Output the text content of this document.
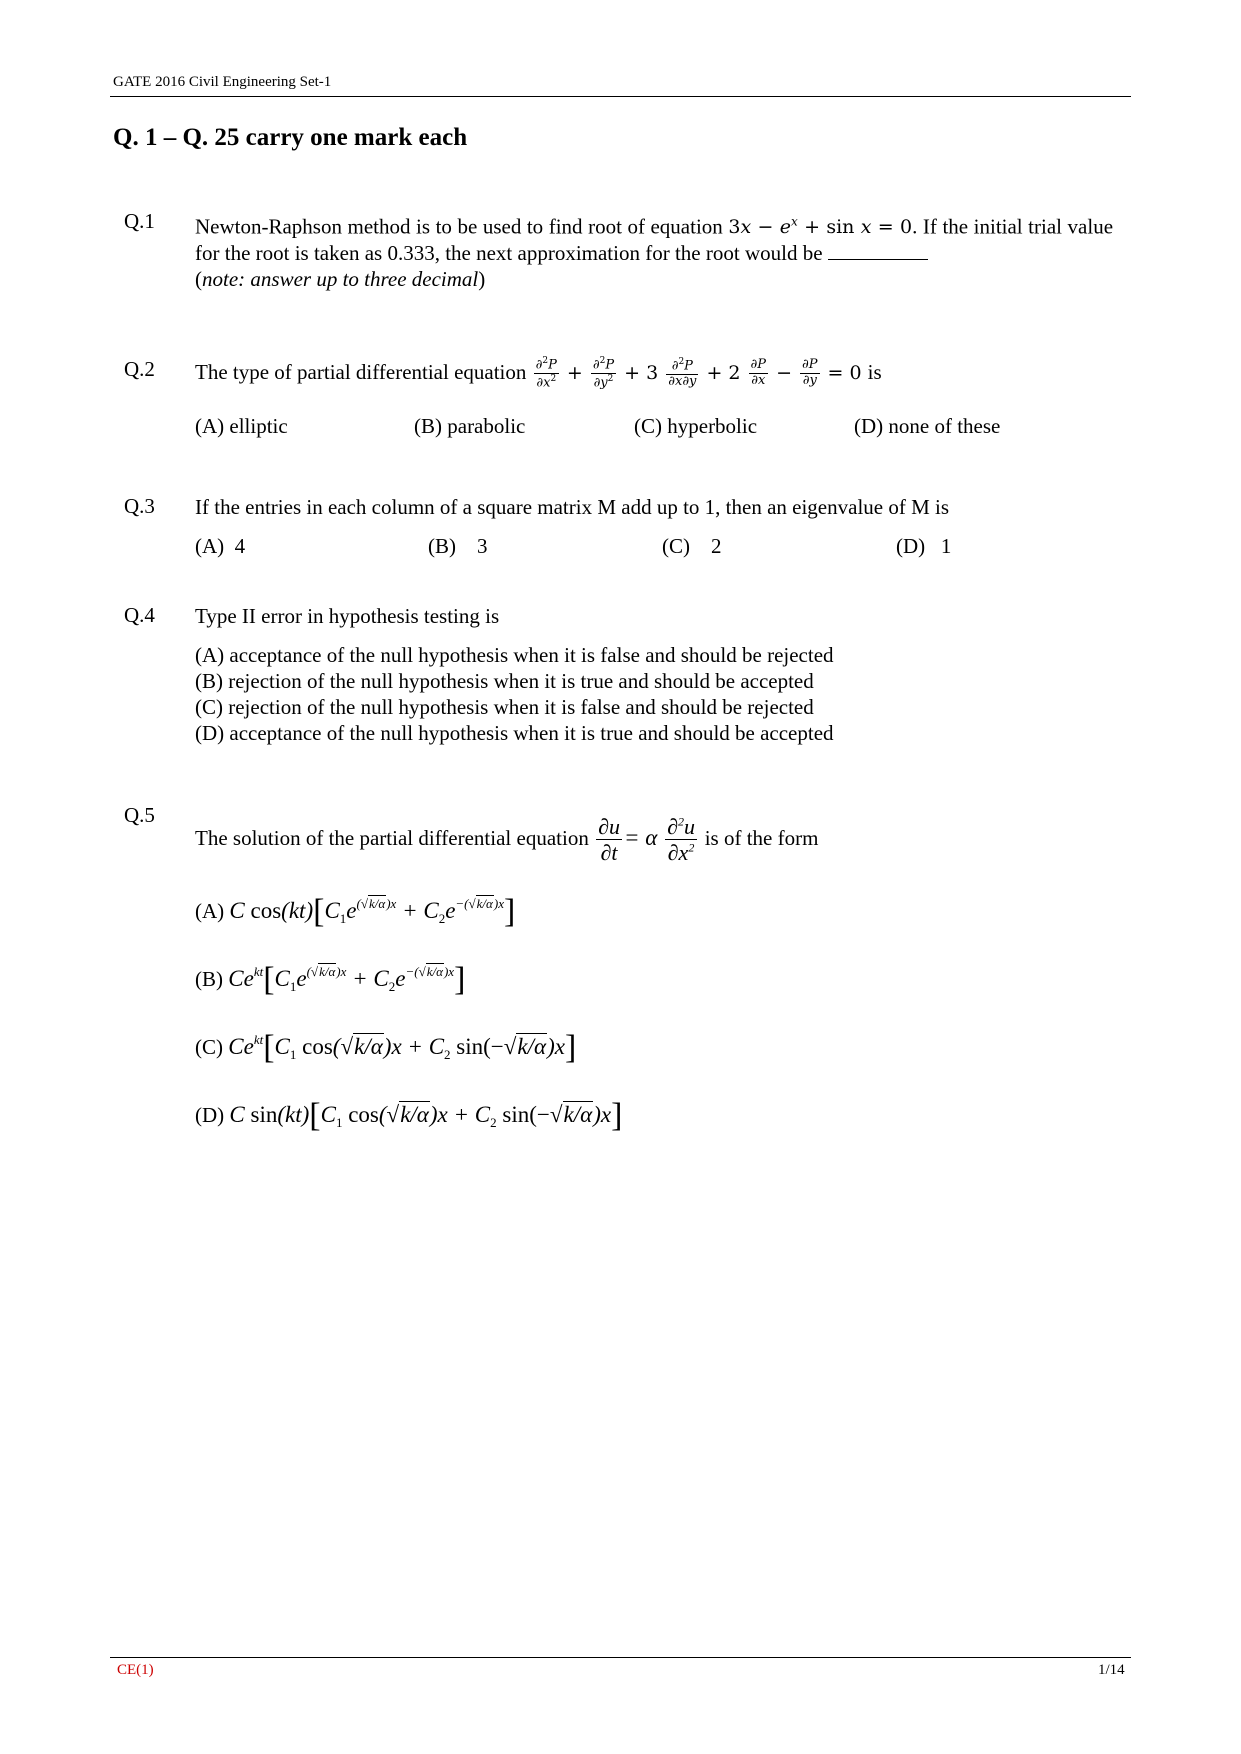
GATE 2016 Civil Engineering Set-1
Q. 1 – Q. 25 carry one mark each
Q.1 Newton-Raphson method is to be used to find root of equation $3x - e^x + \sin x = 0$. If the initial trial value for the root is taken as 0.333, the next approximation for the root would be
(note: answer up to three decimal)
Q.2 The type of partial differential equation $\frac{\partial^2P}{\partial x^2} + \frac{\partial^2P}{\partial y^2} + 3 \frac{\partial^2P}{\partial x\partial y} + 2 \frac{\partial P}{\partial x} - \frac{\partial P}{\partial y} = 0$ is
(A) elliptic	(B) parabolic	(C) hyperbolic	(D) none of these
Q.3 If the entries in each column of a square matrix M add up to 1, then an eigenvalue of M is
(A)  4	(B)    3	(C)    2	(D)   1
Q.4 Type II error in hypothesis testing is
(A) acceptance of the null hypothesis when it is false and should be rejected
(B) rejection of the null hypothesis when it is true and should be accepted
(C) rejection of the null hypothesis when it is false and should be rejected
(D) acceptance of the null hypothesis when it is true and should be accepted
Q.5
The solution of the partial differential equation $\frac{\partial u}{\partial t} = \alpha \frac{\partial^2u}{\partial x^2}$ is of the form
(A) C $\cos(kt)[C_1e^{(√k/\alpha)x} + C_2e^{-(√k/\alpha)x}]$
(B) $Ce^{kt}[C_1e^{(√k/\alpha)x} + C_2e^{-(√k/\alpha)x}]$
(C) $Ce^{kt}[C_1$ $\cos(√k/\alpha)x + C_2$ sin(−√k/α)x]
(D) C $\sin(kt)[C_1$ $\cos(√k/\alpha)x + C_2$ sin(−√k/α)x]
CE(1)	1/14
